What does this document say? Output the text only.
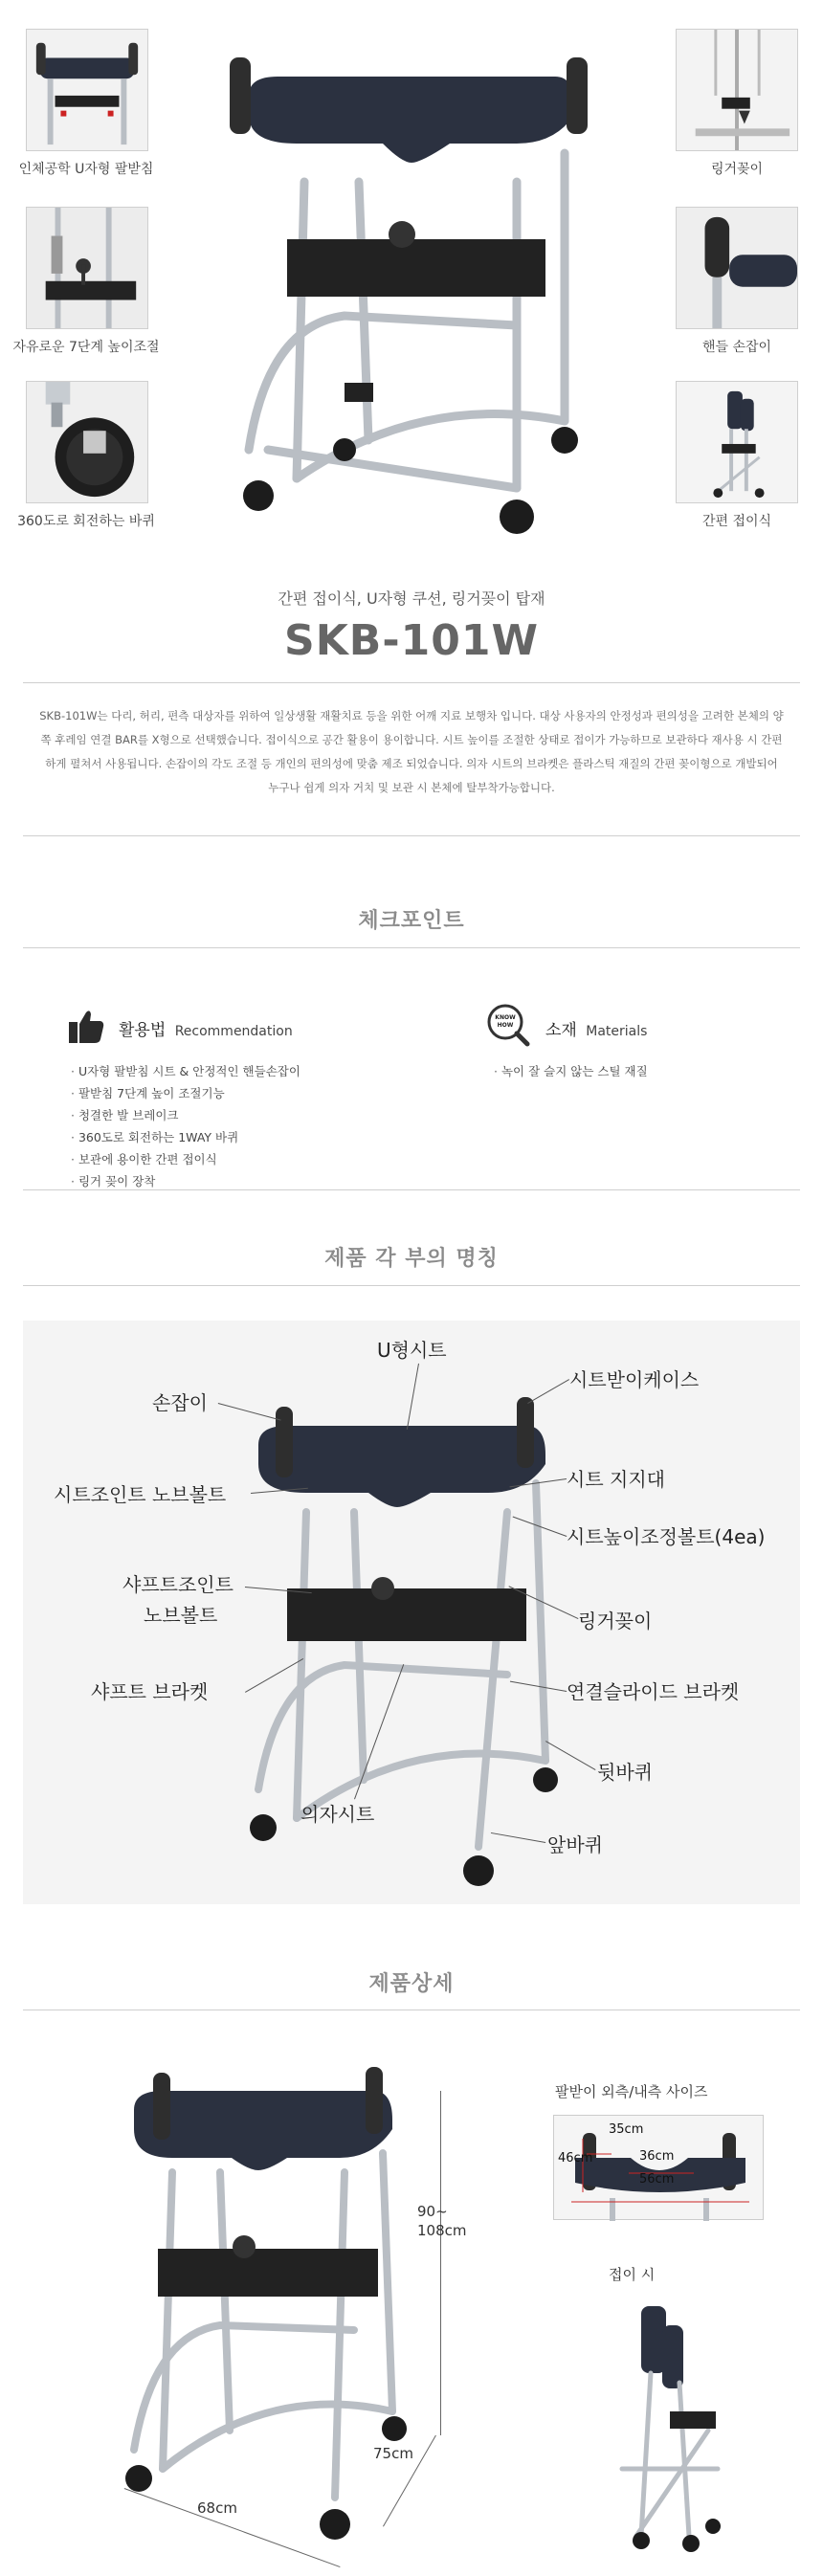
인체공학 U자형 팔받침
자유로운 7단계 높이조절
360도로 회전하는 바퀴
링거꽂이
핸들 손잡이
간편 접이식
간편 접이식, U자형 쿠션, 링거꽂이 탑재
SKB-101W
SKB-101W는 다리, 허리, 편측 대상자를 위하여 일상생활 재활치료 등을 위한 어깨 지료 보행차 입니다. 대상 사용자의 안정성과 편의성을 고려한 본체의 양쪽 후레임 연결 BAR를 X형으로 선택했습니다. 접이식으로 공간 활용이 용이합니다. 시트 높이를 조절한 상태로 접이가 가능하므로 보관하다 재사용 시 간편하게 펼쳐서 사용됩니다. 손잡이의 각도 조절 등 개인의 편의성에 맞춤 제조 되었습니다. 의자 시트의 브라켓은 플라스틱 재질의 간편 꽂이형으로 개발되어 누구나 쉽게 의자 거치 및 보관 시 본체에 탈부착가능합니다.
체크포인트
활용법 Recommendation
· U자형 팔받침 시트 & 안정적인 핸들손잡이
· 팔받침 7단계 높이 조절기능
· 청결한 발 브레이크
· 360도로 회전하는 1WAY 바퀴
· 보관에 용이한 간편 접이식
· 링거 꽂이 장착
KNOW HOW	소재 Materials
· 녹이 잘 슬지 않는 스틸 재질
제품 각 부의 명칭
U형시트
손잡이
시트받이케이스
시트조인트 노브볼트
시트 지지대
시트높이조정볼트(4ea)
샤프트조인트
노브볼트	링거꽂이
샤프트 브라켓	연결슬라이드 브라켓
뒷바퀴
의자시트
앞바퀴
제품상세
90~
108cm
75cm
68cm
팔받이 외측/내측 사이즈
35cm
46cm	36cm
56cm
접이 시
